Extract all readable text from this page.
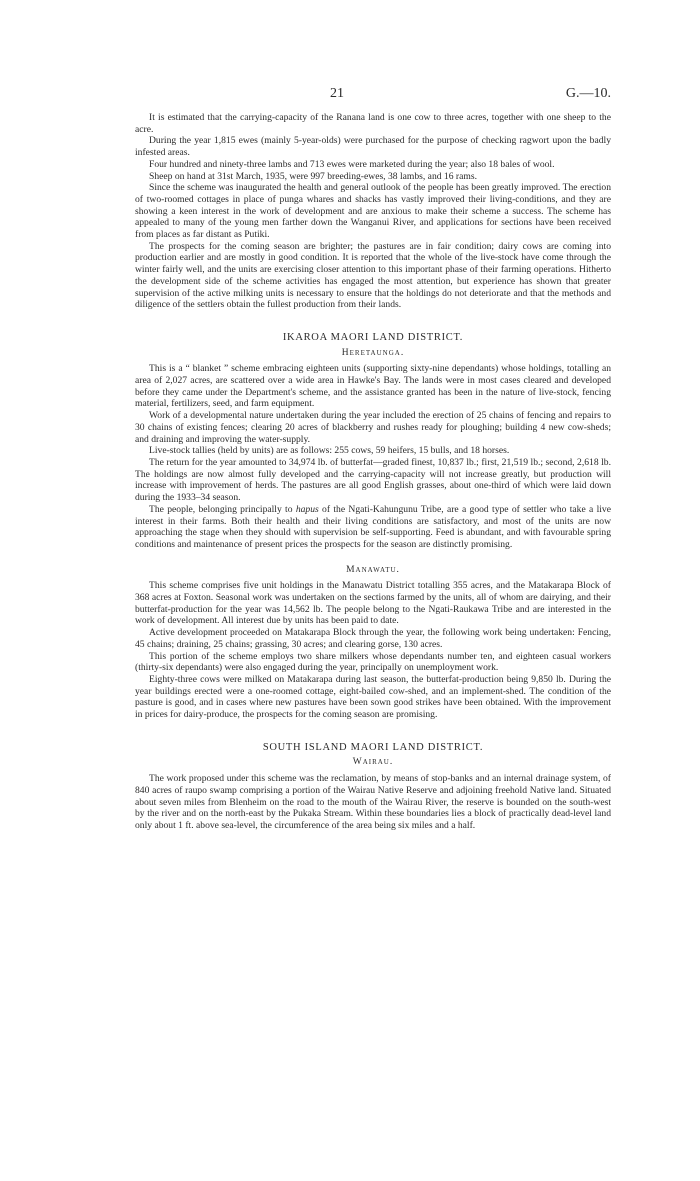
21	G.—10.

It is estimated that the carrying-capacity of the Ranana land is one cow to three acres, together with one sheep to the acre.

During the year 1,815 ewes (mainly 5-year-olds) were purchased for the purpose of checking ragwort upon the badly infested areas.

Four hundred and ninety-three lambs and 713 ewes were marketed during the year; also 18 bales of wool.

Sheep on hand at 31st March, 1935, were 997 breeding-ewes, 38 lambs, and 16 rams.

Since the scheme was inaugurated the health and general outlook of the people has been greatly improved. The erection of two-roomed cottages in place of punga whares and shacks has vastly improved their living-conditions, and they are showing a keen interest in the work of development and are anxious to make their scheme a success. The scheme has appealed to many of the young men farther down the Wanganui River, and applications for sections have been received from places as far distant as Putiki.

The prospects for the coming season are brighter; the pastures are in fair condition; dairy cows are coming into production earlier and are mostly in good condition. It is reported that the whole of the live-stock have come through the winter fairly well, and the units are exercising closer attention to this important phase of their farming operations. Hitherto the development side of the scheme activities has engaged the most attention, but experience has shown that greater supervision of the active milking units is necessary to ensure that the holdings do not deteriorate and that the methods and diligence of the settlers obtain the fullest production from their lands.

IKAROA MAORI LAND DISTRICT.

Heretaunga.

This is a “ blanket ” scheme embracing eighteen units (supporting sixty-nine dependants) whose holdings, totalling an area of 2,027 acres, are scattered over a wide area in Hawke's Bay. The lands were in most cases cleared and developed before they came under the Department's scheme, and the assistance granted has been in the nature of live-stock, fencing material, fertilizers, seed, and farm equipment.

Work of a developmental nature undertaken during the year included the erection of 25 chains of fencing and repairs to 30 chains of existing fences; clearing 20 acres of blackberry and rushes ready for ploughing; building 4 new cow-sheds; and draining and improving the water-supply.

Live-stock tallies (held by units) are as follows: 255 cows, 59 heifers, 15 bulls, and 18 horses.

The return for the year amounted to 34,974 lb. of butterfat—graded finest, 10,837 lb.; first, 21,519 lb.; second, 2,618 lb. The holdings are now almost fully developed and the carrying-capacity will not increase greatly, but production will increase with improvement of herds. The pastures are all good English grasses, about one-third of which were laid down during the 1933–34 season.

The people, belonging principally to hapus of the Ngati-Kahungunu Tribe, are a good type of settler who take a live interest in their farms. Both their health and their living conditions are satisfactory, and most of the units are now approaching the stage when they should with supervision be self-supporting. Feed is abundant, and with favourable spring conditions and maintenance of present prices the prospects for the season are distinctly promising.

Manawatu.

This scheme comprises five unit holdings in the Manawatu District totalling 355 acres, and the Matakarapa Block of 368 acres at Foxton. Seasonal work was undertaken on the sections farmed by the units, all of whom are dairying, and their butterfat-production for the year was 14,562 lb. The people belong to the Ngati-Raukawa Tribe and are interested in the work of development. All interest due by units has been paid to date.

Active development proceeded on Matakarapa Block through the year, the following work being undertaken: Fencing, 45 chains; draining, 25 chains; grassing, 30 acres; and clearing gorse, 130 acres.

This portion of the scheme employs two share milkers whose dependants number ten, and eighteen casual workers (thirty-six dependants) were also engaged during the year, principally on unemployment work.

Eighty-three cows were milked on Matakarapa during last season, the butterfat-production being 9,850 lb. During the year buildings erected were a one-roomed cottage, eight-bailed cow-shed, and an implement-shed. The condition of the pasture is good, and in cases where new pastures have been sown good strikes have been obtained. With the improvement in prices for dairy-produce, the prospects for the coming season are promising.

SOUTH ISLAND MAORI LAND DISTRICT.

Wairau.

The work proposed under this scheme was the reclamation, by means of stop-banks and an internal drainage system, of 840 acres of raupo swamp comprising a portion of the Wairau Native Reserve and adjoining freehold Native land. Situated about seven miles from Blenheim on the road to the mouth of the Wairau River, the reserve is bounded on the south-west by the river and on the north-east by the Pukaka Stream. Within these boundaries lies a block of practically dead-level land only about 1 ft. above sea-level, the circumference of the area being six miles and a half.
